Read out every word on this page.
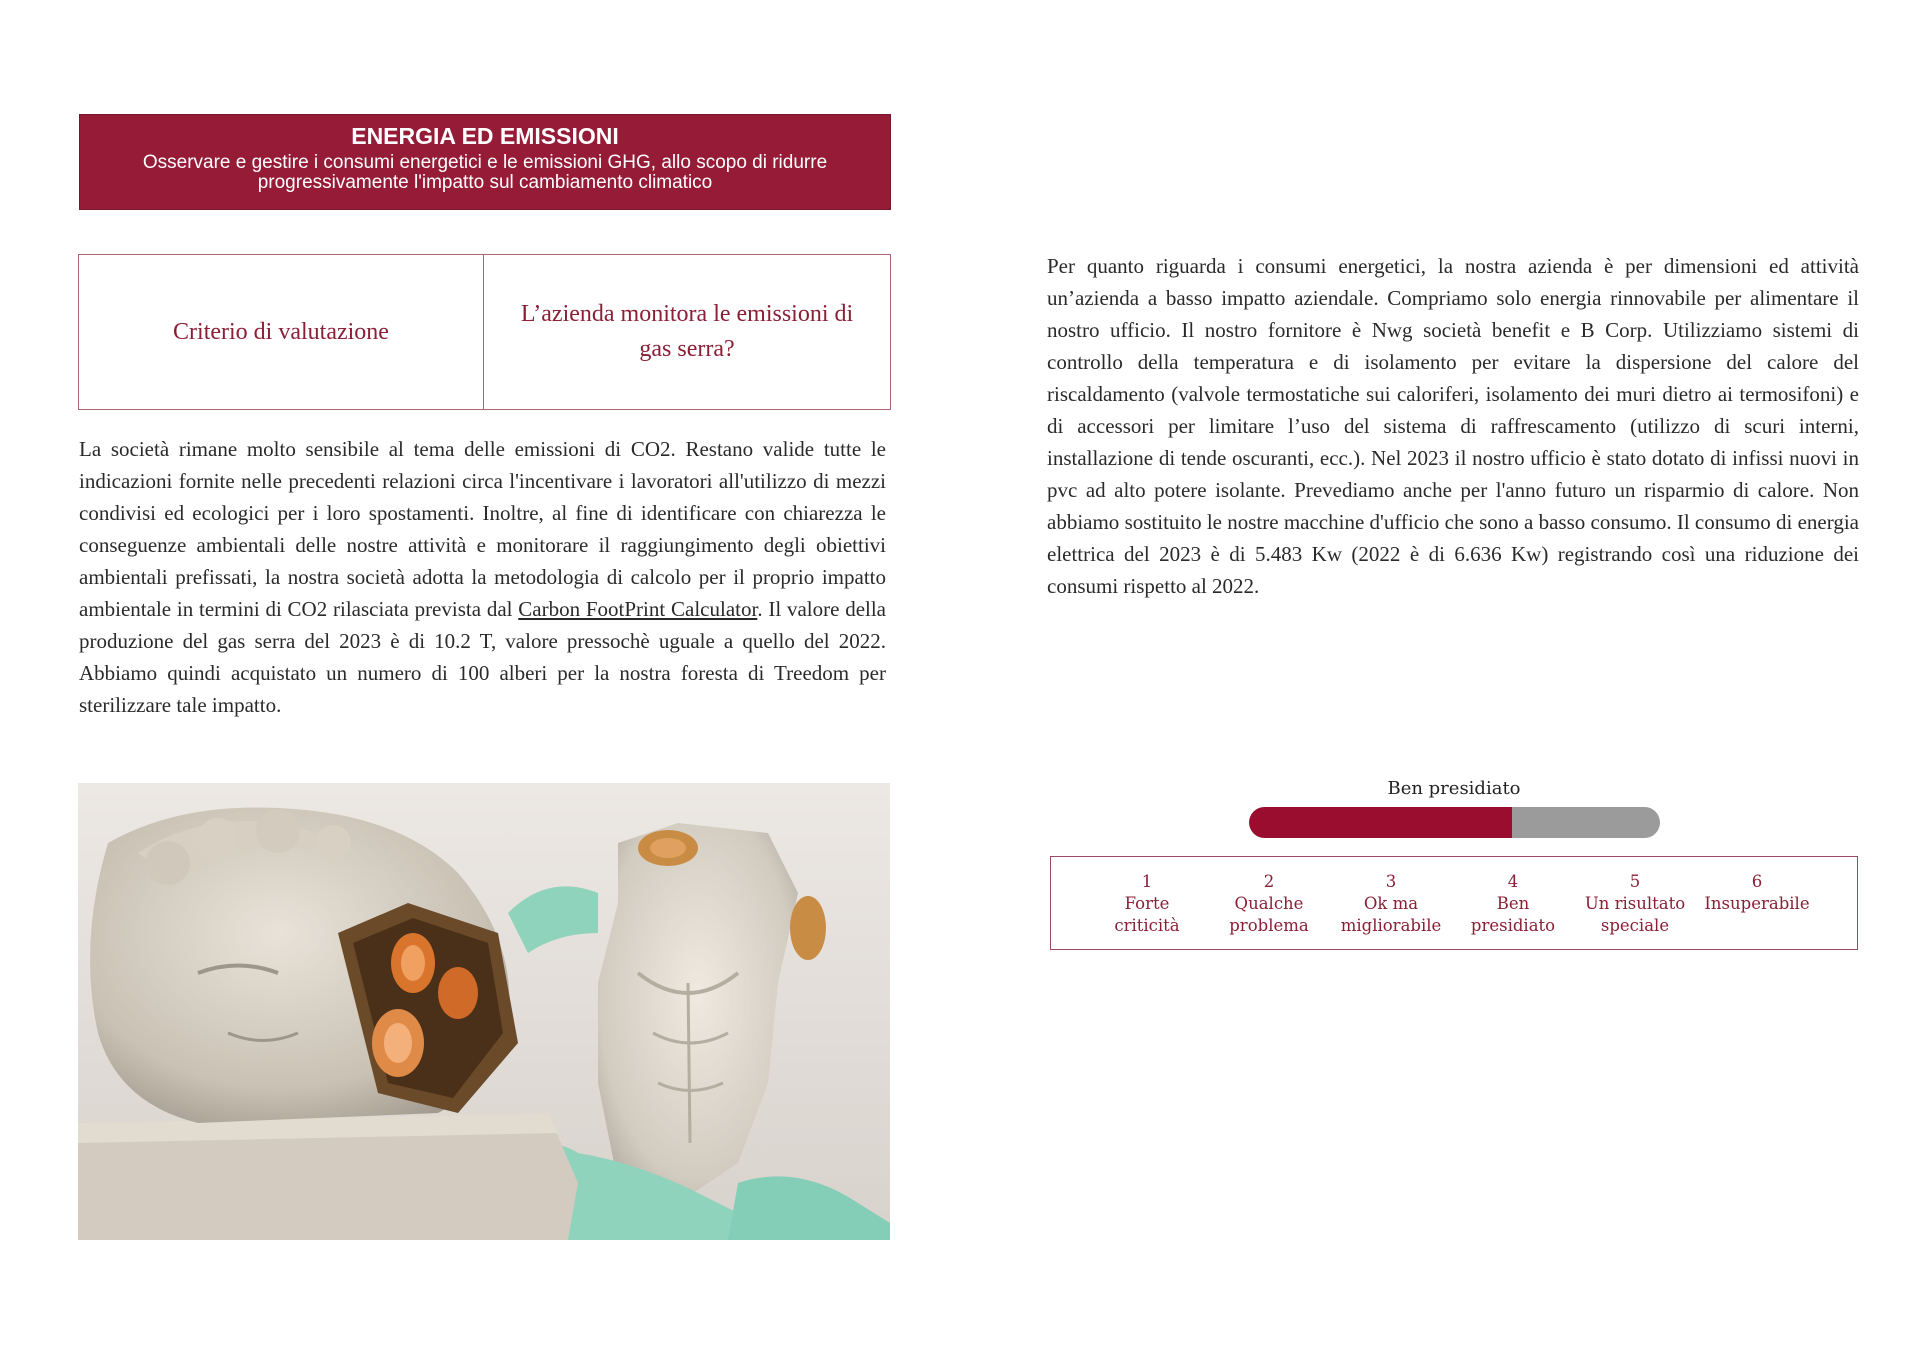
ENERGIA ED EMISSIONI
Osservare e gestire i consumi energetici e le emissioni GHG, allo scopo di ridurre progressivamente l'impatto sul cambiamento climatico
Criterio di valutazione
L’azienda monitora le emissioni di gas serra?

La società rimane molto sensibile al tema delle emissioni di CO2. Restano valide tutte le indicazioni fornite nelle precedenti relazioni circa l'incentivare i lavoratori all'utilizzo di mezzi condivisi ed ecologici per i loro spostamenti. Inoltre, al fine di identificare con chiarezza le conseguenze ambientali delle nostre attività e monitorare il raggiungimento degli obiettivi ambientali prefissati, la nostra società adotta la metodologia di calcolo per il proprio impatto ambientale in termini di CO2 rilasciata prevista dal Carbon FootPrint Calculator. Il valore della produzione del gas serra del 2023 è di 10.2 T, valore pressochè uguale a quello del 2022. Abbiamo quindi acquistato un numero di 100 alberi per la nostra foresta di Treedom per sterilizzare tale impatto.

Per quanto riguarda i consumi energetici, la nostra azienda è per dimensioni ed attività un’azienda a basso impatto aziendale. Compriamo solo energia rinnovabile per alimentare il nostro ufficio. Il nostro fornitore è Nwg società benefit e B Corp. Utilizziamo sistemi di controllo della temperatura e di isolamento per evitare la dispersione del calore del riscaldamento (valvole termostatiche sui caloriferi, isolamento dei muri dietro ai termosifoni) e di accessori per limitare l’uso del sistema di raffrescamento (utilizzo di scuri interni, installazione di tende oscuranti, ecc.). Nel 2023 il nostro ufficio è stato dotato di infissi nuovi in pvc ad alto potere isolante. Prevediamo anche per l'anno futuro un risparmio di calore. Non abbiamo sostituito le nostre macchine d'ufficio che sono a basso consumo. Il consumo di energia elettrica del 2023 è di 5.483 Kw (2022 è di 6.636 Kw) registrando così una riduzione dei consumi rispetto al 2022.

Ben presidiato
1
Forte
criticità
2
Qualche
problema
3
Ok ma
migliorabile
4
Ben
presidiato
5
Un risultato
speciale
6
Insuperabile
